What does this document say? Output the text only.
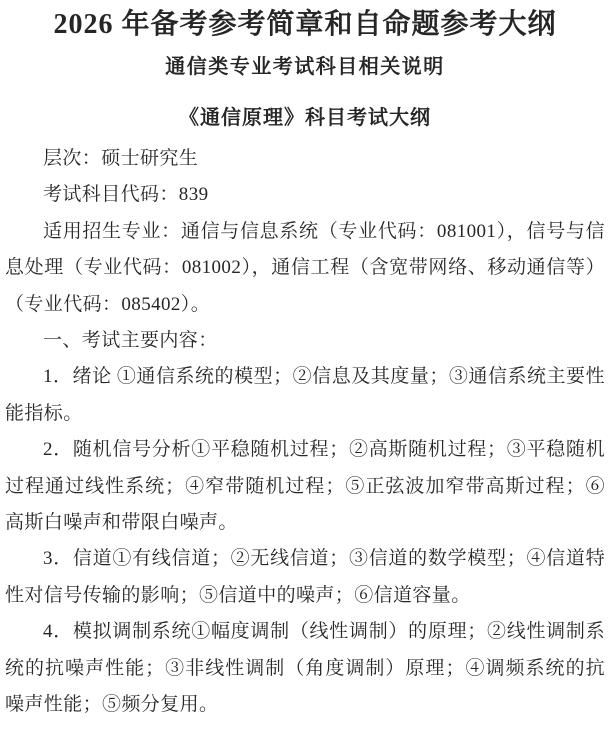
2026 年备考参考简章和自命题参考大纲
通信类专业考试科目相关说明
《通信原理》科目考试大纲

层次：硕士研究生

考试科目代码：839

适用招生专业：通信与信息系统（专业代码：081001），信号与信息处理（专业代码：081002），通信工程（含宽带网络、移动通信等）（专业代码：085402）。

一、考试主要内容：

1．绪论 ①通信系统的模型；②信息及其度量；③通信系统主要性能指标。

2．随机信号分析①平稳随机过程；②高斯随机过程；③平稳随机过程通过线性系统；④窄带随机过程；⑤正弦波加窄带高斯过程；⑥高斯白噪声和带限白噪声。

3．信道①有线信道；②无线信道；③信道的数学模型；④信道特性对信号传输的影响；⑤信道中的噪声；⑥信道容量。

4．模拟调制系统①幅度调制（线性调制）的原理；②线性调制系统的抗噪声性能；③非线性调制（角度调制）原理；④调频系统的抗噪声性能；⑤频分复用。
